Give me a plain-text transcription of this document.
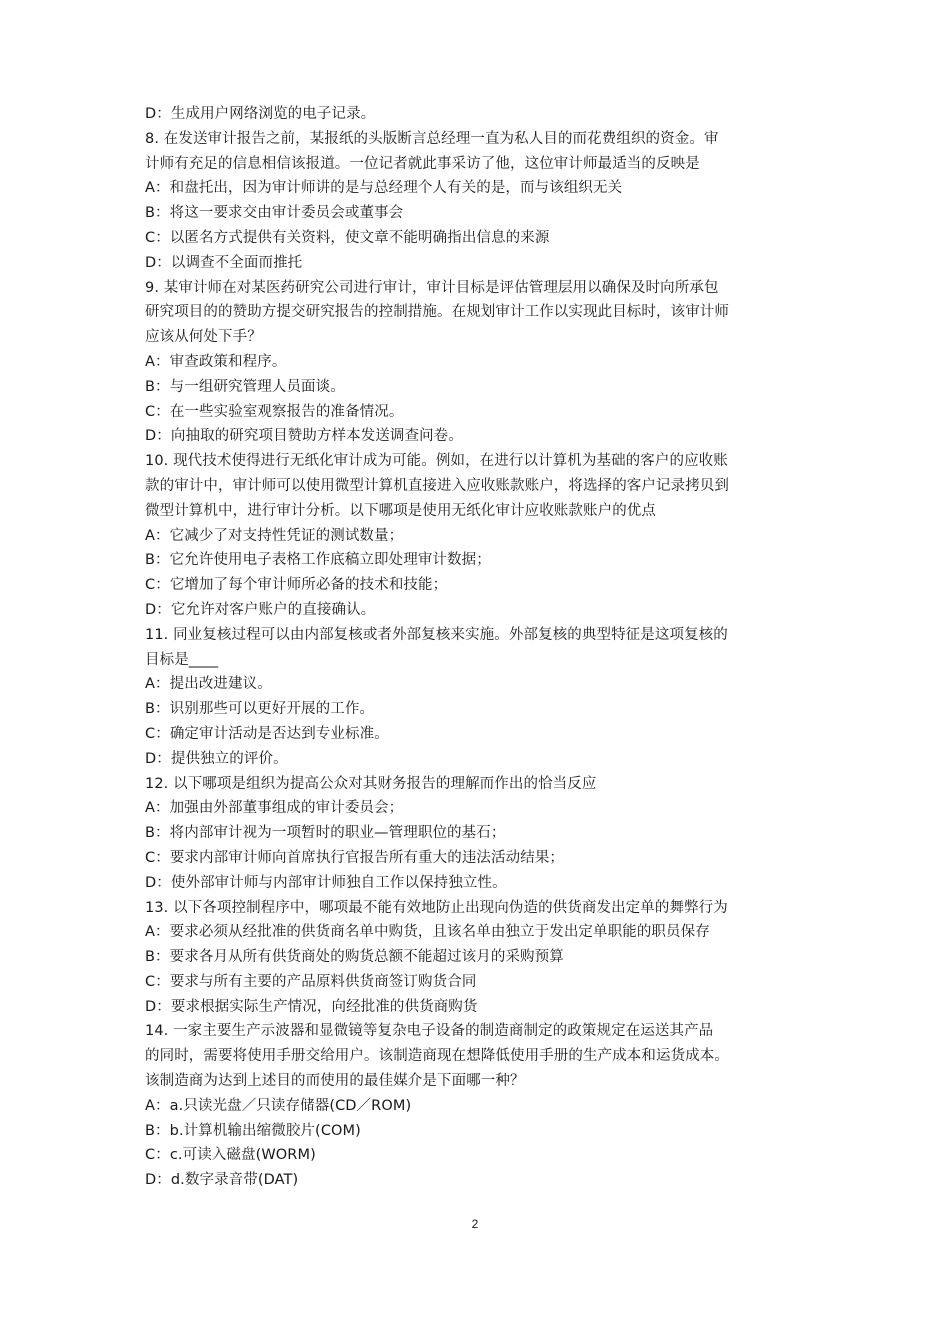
D：生成用户网络浏览的电子记录。
8. 在发送审计报告之前，某报纸的头版断言总经理一直为私人目的而花费组织的资金。审
计师有充足的信息相信该报道。一位记者就此事采访了他，这位审计师最适当的反映是
A：和盘托出，因为审计师讲的是与总经理个人有关的是，而与该组织无关
B：将这一要求交由审计委员会或董事会
C：以匿名方式提供有关资料，使文章不能明确指出信息的来源
D：以调查不全面而推托
9. 某审计师在对某医药研究公司进行审计，审计目标是评估管理层用以确保及时向所承包
研究项目的的赞助方提交研究报告的控制措施。在规划审计工作以实现此目标时，该审计师
应该从何处下手？
A：审查政策和程序。
B：与一组研究管理人员面谈。
C：在一些实验室观察报告的准备情况。
D：向抽取的研究项目赞助方样本发送调查问卷。
10. 现代技术使得进行无纸化审计成为可能。例如，在进行以计算机为基础的客户的应收账
款的审计中，审计师可以使用微型计算机直接进入应收账款账户，将选择的客户记录拷贝到
微型计算机中，进行审计分析。以下哪项是使用无纸化审计应收账款账户的优点
A：它减少了对支持性凭证的测试数量；
B：它允许使用电子表格工作底稿立即处理审计数据；
C：它增加了每个审计师所必备的技术和技能；
D：它允许对客户账户的直接确认。
11. 同业复核过程可以由内部复核或者外部复核来实施。外部复核的典型特征是这项复核的
目标是____
A：提出改进建议。
B：识别那些可以更好开展的工作。
C：确定审计活动是否达到专业标准。
D：提供独立的评价。
12. 以下哪项是组织为提高公众对其财务报告的理解而作出的恰当反应
A：加强由外部董事组成的审计委员会；
B：将内部审计视为一项暂时的职业—管理职位的基石；
C：要求内部审计师向首席执行官报告所有重大的违法活动结果；
D：使外部审计师与内部审计师独自工作以保持独立性。
13. 以下各项控制程序中，哪项最不能有效地防止出现向伪造的供货商发出定单的舞弊行为
A：要求必须从经批准的供货商名单中购货，且该名单由独立于发出定单职能的职员保存
B：要求各月从所有供货商处的购货总额不能超过该月的采购预算
C：要求与所有主要的产品原料供货商签订购货合同
D：要求根据实际生产情况，向经批准的供货商购货
14. 一家主要生产示波器和显微镜等复杂电子设备的制造商制定的政策规定在运送其产品
的同时，需要将使用手册交给用户。该制造商现在想降低使用手册的生产成本和运货成本。
该制造商为达到上述目的而使用的最佳媒介是下面哪一种？
A：a.只读光盘／只读存储器(CD／ROM)
B：b.计算机输出缩微胶片(COM)
C：c.可读入磁盘(WORM)
D：d.数字录音带(DAT)
2
